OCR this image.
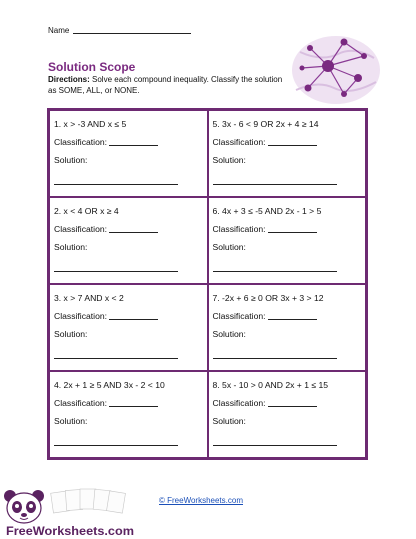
Name
Solution Scope
Directions: Solve each compound inequality. Classify the solution as SOME, ALL, or NONE.
1. x > -3 AND x ≤ 5
Classification:
Solution:
5. 3x - 6 < 9 OR 2x + 4 ≥ 14
Classification:
Solution:
2. x < 4 OR x ≥ 4
Classification:
Solution:
6. 4x + 3 ≤ -5 AND 2x - 1 > 5
Classification:
Solution:
3. x > 7 AND x < 2
Classification:
Solution:
7. -2x + 6 ≥ 0 OR 3x + 3 > 12
Classification:
Solution:
4. 2x + 1 ≥ 5 AND 3x - 2 < 10
Classification:
Solution:
8. 5x - 10 > 0 AND 2x + 1 ≤ 15
Classification:
Solution:
FreeWorksheets.com
© FreeWorksheets.com
